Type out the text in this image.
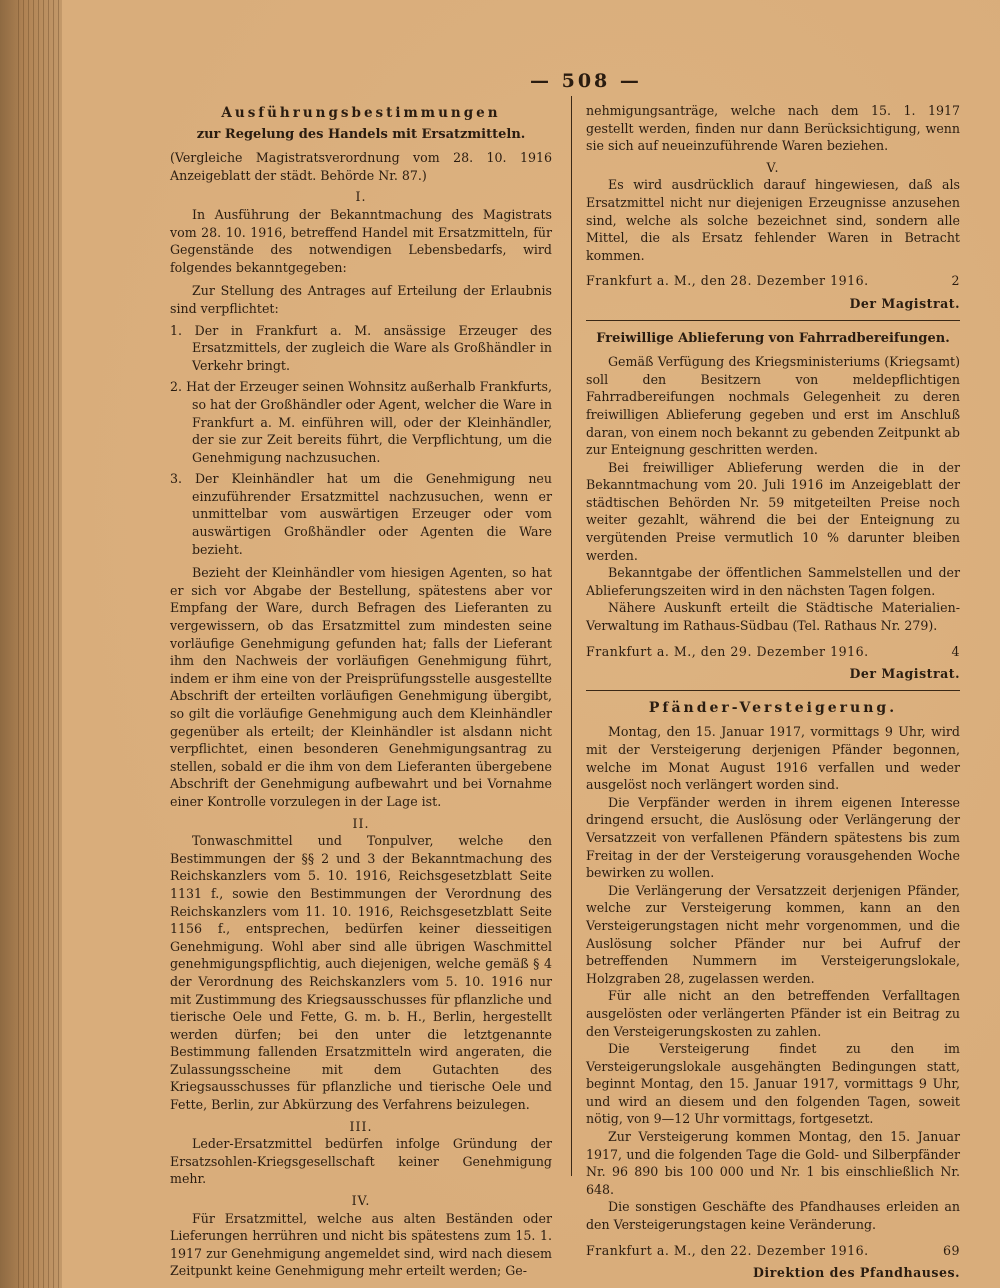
— 508 —

Ausführungsbestimmungen

zur Regelung des Handels mit Ersatzmitteln.

(Vergleiche Magistratsverordnung vom 28. 10. 1916 Anzeigeblatt der städt. Behörde Nr. 87.)

I.

In Ausführung der Bekanntmachung des Magistrats vom 28. 10. 1916, betreffend Handel mit Ersatzmitteln, für Gegenstände des notwendigen Lebensbedarfs, wird folgendes bekanntgegeben:

Zur Stellung des Antrages auf Erteilung der Erlaubnis sind verpflichtet:

1. Der in Frankfurt a. M. ansässige Erzeuger des Ersatzmittels, der zugleich die Ware als Großhändler in Verkehr bringt.

2. Hat der Erzeuger seinen Wohnsitz außerhalb Frankfurts, so hat der Großhändler oder Agent, welcher die Ware in Frankfurt a. M. einführen will, oder der Kleinhändler, der sie zur Zeit bereits führt, die Verpflichtung, um die Genehmigung nachzusuchen.

3. Der Kleinhändler hat um die Genehmigung neu einzuführender Ersatzmittel nachzusuchen, wenn er unmittelbar vom auswärtigen Erzeuger oder vom auswärtigen Großhändler oder Agenten die Ware bezieht.

Bezieht der Kleinhändler vom hiesigen Agenten, so hat er sich vor Abgabe der Bestellung, spätestens aber vor Empfang der Ware, durch Befragen des Lieferanten zu vergewissern, ob das Ersatzmittel zum mindesten seine vorläufige Genehmigung gefunden hat; falls der Lieferant ihm den Nachweis der vorläufigen Genehmigung führt, indem er ihm eine von der Preisprüfungsstelle ausgestellte Abschrift der erteilten vorläufigen Genehmigung übergibt, so gilt die vorläufige Genehmigung auch dem Kleinhändler gegenüber als erteilt; der Kleinhändler ist alsdann nicht verpflichtet, einen besonderen Genehmigungsantrag zu stellen, sobald er die ihm von dem Lieferanten übergebene Abschrift der Genehmigung aufbewahrt und bei Vornahme einer Kontrolle vorzulegen in der Lage ist.

II.

Tonwaschmittel und Tonpulver, welche den Bestimmungen der §§ 2 und 3 der Bekanntmachung des Reichskanzlers vom 5. 10. 1916, Reichsgesetzblatt Seite 1131 f., sowie den Bestimmungen der Verordnung des Reichskanzlers vom 11. 10. 1916, Reichsgesetzblatt Seite 1156 f., entsprechen, bedürfen keiner diesseitigen Genehmigung. Wohl aber sind alle übrigen Waschmittel genehmigungspflichtig, auch diejenigen, welche gemäß § 4 der Verordnung des Reichskanzlers vom 5. 10. 1916 nur mit Zustimmung des Kriegsausschusses für pflanzliche und tierische Oele und Fette, G. m. b. H., Berlin, hergestellt werden dürfen; bei den unter die letztgenannte Bestimmung fallenden Ersatzmitteln wird angeraten, die Zulassungsscheine mit dem Gutachten des Kriegsausschusses für pflanzliche und tierische Oele und Fette, Berlin, zur Abkürzung des Verfahrens beizulegen.

III.

Leder-Ersatzmittel bedürfen infolge Gründung der Ersatzsohlen-Kriegsgesellschaft keiner Genehmigung mehr.

IV.

Für Ersatzmittel, welche aus alten Beständen oder Lieferungen herrühren und nicht bis spätestens zum 15. 1. 1917 zur Genehmigung angemeldet sind, wird nach diesem Zeitpunkt keine Genehmigung mehr erteilt werden; Ge-

nehmigungsanträge, welche nach dem 15. 1. 1917 gestellt werden, finden nur dann Berücksichtigung, wenn sie sich auf neueinzuführende Waren beziehen.

V.

Es wird ausdrücklich darauf hingewiesen, daß als Ersatzmittel nicht nur diejenigen Erzeugnisse anzusehen sind, welche als solche bezeichnet sind, sondern alle Mittel, die als Ersatz fehlender Waren in Betracht kommen.

Frankfurt a. M., den 28. Dezember 1916.	2

Der Magistrat.

Freiwillige Ablieferung von Fahrradbereifungen.

Gemäß Verfügung des Kriegsministeriums (Kriegsamt) soll den Besitzern von meldepflichtigen Fahrradbereifungen nochmals Gelegenheit zu deren freiwilligen Ablieferung gegeben und erst im Anschluß daran, von einem noch bekannt zu gebenden Zeitpunkt ab zur Enteignung geschritten werden.

Bei freiwilliger Ablieferung werden die in der Bekanntmachung vom 20. Juli 1916 im Anzeigeblatt der städtischen Behörden Nr. 59 mitgeteilten Preise noch weiter gezahlt, während die bei der Enteignung zu vergütenden Preise vermutlich 10 % darunter bleiben werden.

Bekanntgabe der öffentlichen Sammelstellen und der Ablieferungszeiten wird in den nächsten Tagen folgen.

Nähere Auskunft erteilt die Städtische Materialien-Verwaltung im Rathaus-Südbau (Tel. Rathaus Nr. 279).

Frankfurt a. M., den 29. Dezember 1916.	4

Der Magistrat.

Pfänder-Versteigerung.

Montag, den 15. Januar 1917, vormittags 9 Uhr, wird mit der Versteigerung derjenigen Pfänder begonnen, welche im Monat August 1916 verfallen und weder ausgelöst noch verlängert worden sind.

Die Verpfänder werden in ihrem eigenen Interesse dringend ersucht, die Auslösung oder Verlängerung der Versatzzeit von verfallenen Pfändern spätestens bis zum Freitag in der der Versteigerung vorausgehenden Woche bewirken zu wollen.

Die Verlängerung der Versatzzeit derjenigen Pfänder, welche zur Versteigerung kommen, kann an den Versteigerungstagen nicht mehr vorgenommen, und die Auslösung solcher Pfänder nur bei Aufruf der betreffenden Nummern im Versteigerungslokale, Holzgraben 28, zugelassen werden.

Für alle nicht an den betreffenden Verfalltagen ausgelösten oder verlängerten Pfänder ist ein Beitrag zu den Versteigerungskosten zu zahlen.

Die Versteigerung findet zu den im Versteigerungslokale ausgehängten Bedingungen statt, beginnt Montag, den 15. Januar 1917, vormittags 9 Uhr, und wird an diesem und den folgenden Tagen, soweit nötig, von 9—12 Uhr vormittags, fortgesetzt.

Zur Versteigerung kommen Montag, den 15. Januar 1917, und die folgenden Tage die Gold- und Silberpfänder Nr. 96 890 bis 100 000 und Nr. 1 bis einschließlich Nr. 648.

Die sonstigen Geschäfte des Pfandhauses erleiden an den Versteigerungstagen keine Veränderung.

Frankfurt a. M., den 22. Dezember 1916.	69

Direktion des Pfandhauses.
